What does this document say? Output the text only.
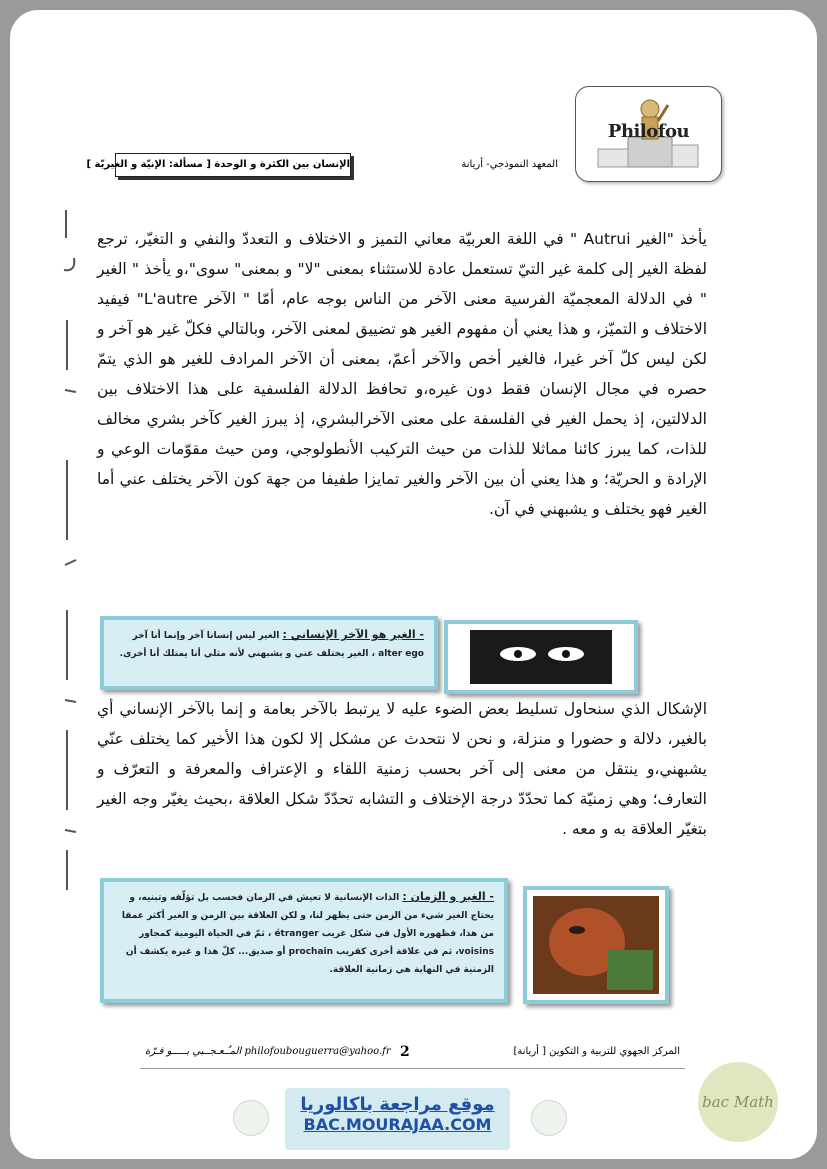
Philofou
الإنسان بين الكثرة و الوحدة [ مسألة: الإنيّة و الغيريّة ]	المعهد النموذجي- أريانة

يأخذ "الغير Autrui " في اللغة العربيّة معاني التميز و الاختلاف و التعددّ والنفي و التغيّر، ترجع لفظة الغير إلى كلمة غير التيّ تستعمل عادة للاستثناء بمعنى "لا" و بمعنى" سوى"،و يأخذ " الغير " في الدلالة المعجميّة الفرسية معنى الآخر من الناس بوجه عام، أمّا " الآخر L'autre" فيفيد الاختلاف و التميّز، و هذا يعني أن مفهوم الغير هو تضييق لمعنى الآخر، وبالتالي فكلّ غير هو آخر و لكن ليس كلّ آخر غيرا، فالغير أخص والآخر أعمّ، بمعنى أن الآخر المرادف للغير هو الذي يتمّ حصره في مجال الإنسان فقط دون غيره،و تحافظ الدلالة الفلسفية على هذا الاختلاف بين الدلالتين، إذ يحمل الغير في الفلسفة على معنى الآخرالبشري، إذ يبرز الغير كآخر بشري مخالف للذات، كما يبرز كائنا مماثلا للذات من حيث التركيب الأنطولوجي، ومن حيث مقوّمات الوعي و الإرادة و الحريّة؛ و هذا يعني أن بين الآخر والغير تمايزا طفيفا من جهة كون الآخر يختلف عني أما الغير فهو يختلف و يشبهني في آن.

- الغير هو الآخر الإنساني : الغير ليس إنسانا آخر وإنما أنا آخر alter ego ، الغير يختلف عني و يشبهني لأنه مثلي أنا يمتلك أنا أخرى.

الإشكال الذي سنحاول تسليط بعض الضوء عليه لا يرتبط بالآخر بعامة و إنما بالآخر الإنساني أي بالغير، دلالة و حضورا و منزلة، و نحن لا نتحدث عن مشكل إلا لكون هذا الأخير كما يختلف عنّي يشبهني،و ينتقل من معنى إلى آخر بحسب زمنية اللقاء و الإعتراف والمعرفة و التعرّف و التعارف؛ وهي زمنيّة كما تحدّدّ درجة الإختلاف و التشابه تحدّدّ شكل العلاقة ،بحيث يغيّر وجه الغير بتغيّر العلاقة به و معه .

- الغير و الزمان : الذات الإنسانية لا تعيش في الزمان فحسب بل تؤلّفه وتبنيه، و يحتاج الغير شيء من الزمن حتى يظهر لنا، و لكن العلاقة بين الزمن و الغير أكثر عمقا من هذا، فظهوره الأول في شكل غريب étranger ، ثمّ في الحياة اليومية كمجاور voisins، ثم في علاقة أخرى كقريب prochain أو صديق... كلّ هذا و غيره يكشف أن الزمنية في النهاية هي زمانية العلاقة.
philofoubouguerra@yahoo.fr المـُـعـجــبي بـــــو قـرّة 2	المركز الجهوي للتربية و التكوين [ أريانة]
موقع مراجعة باكالوريا
BAC.MOURAJAA.COM
bac Math
